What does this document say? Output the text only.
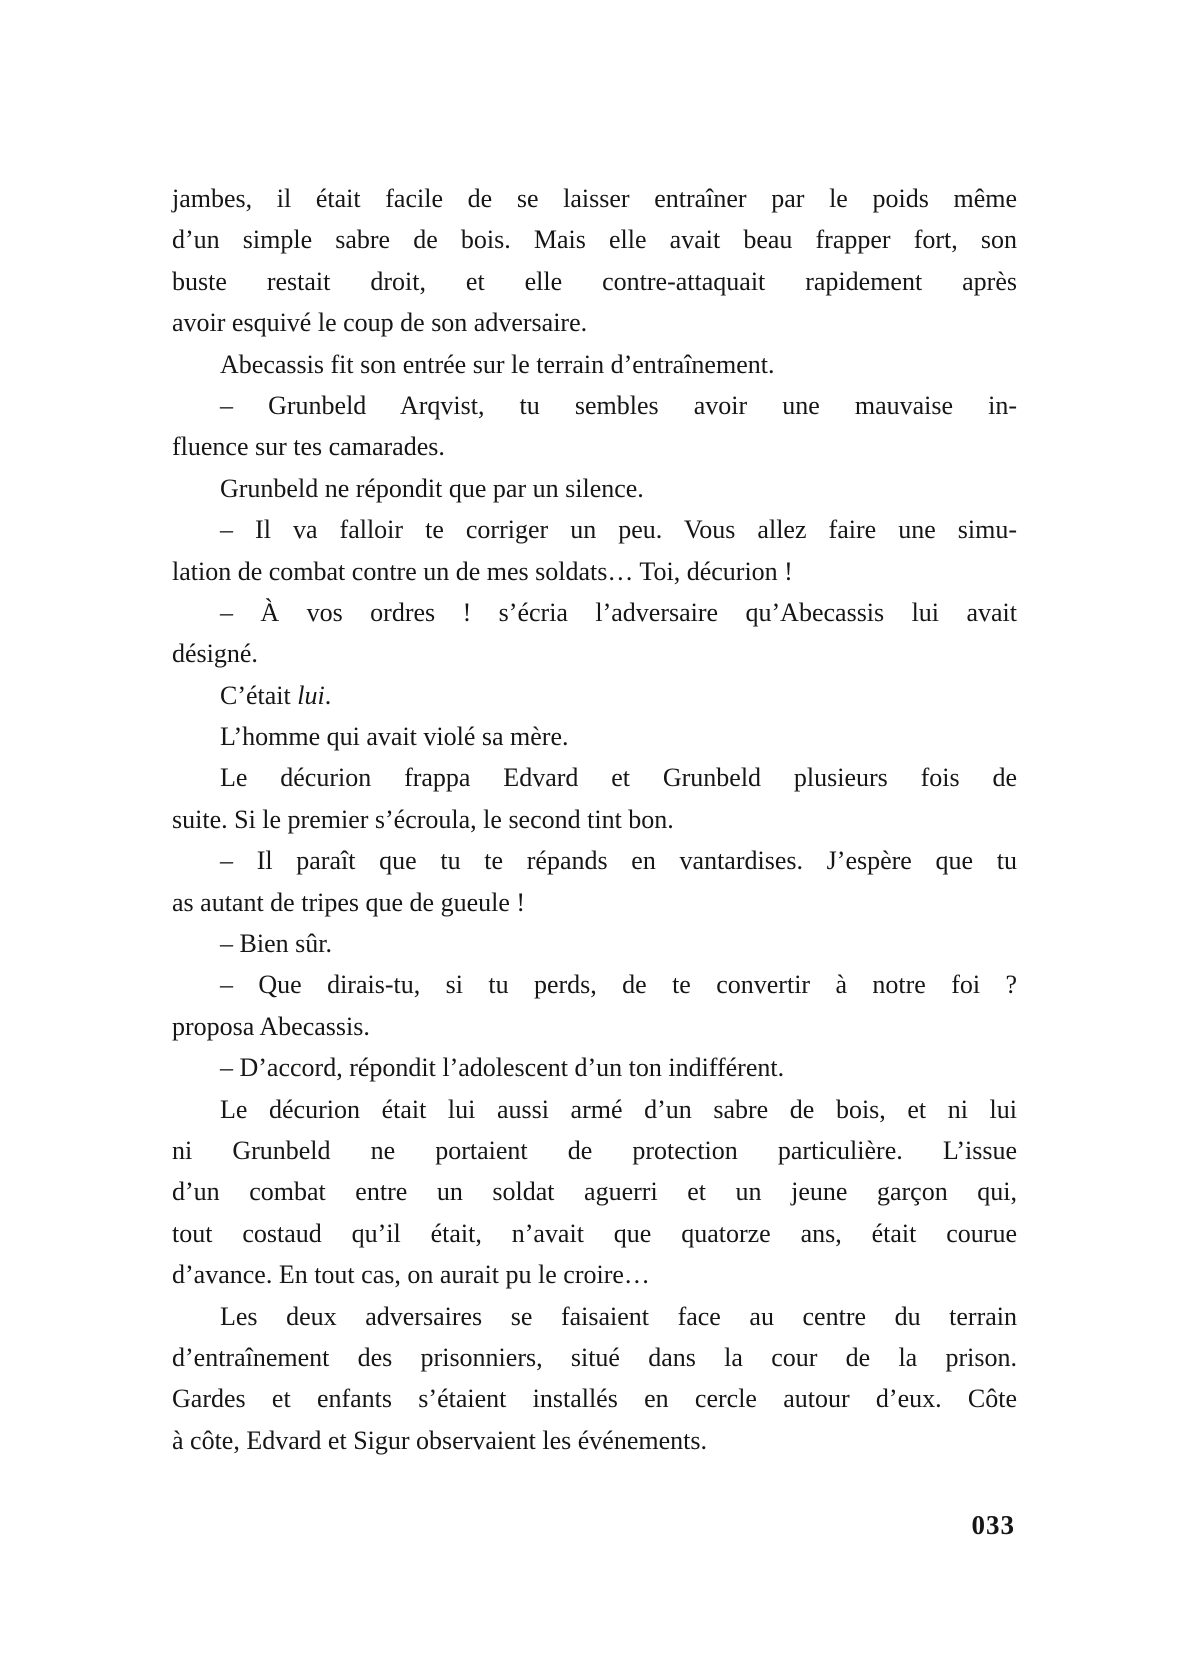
jambes, il était facile de se laisser entraîner par le poids même
d’un simple sabre de bois. Mais elle avait beau frapper fort, son
buste restait droit, et elle contre-attaquait rapidement après
avoir esquivé le coup de son adversaire.
Abecassis fit son entrée sur le terrain d’entraînement.
– Grunbeld Arqvist, tu sembles avoir une mauvaise in-
fluence sur tes camarades.
Grunbeld ne répondit que par un silence.
– Il va falloir te corriger un peu. Vous allez faire une simu-
lation de combat contre un de mes soldats… Toi, décurion !
– À vos ordres ! s’écria l’adversaire qu’Abecassis lui avait
désigné.
C’était lui.
L’homme qui avait violé sa mère.
Le décurion frappa Edvard et Grunbeld plusieurs fois de
suite. Si le premier s’écroula, le second tint bon.
– Il paraît que tu te répands en vantardises. J’espère que tu
as autant de tripes que de gueule !
– Bien sûr.
– Que dirais-tu, si tu perds, de te convertir à notre foi ?
proposa Abecassis.
– D’accord, répondit l’adolescent d’un ton indifférent.
Le décurion était lui aussi armé d’un sabre de bois, et ni lui
ni Grunbeld ne portaient de protection particulière. L’issue
d’un combat entre un soldat aguerri et un jeune garçon qui,
tout costaud qu’il était, n’avait que quatorze ans, était courue
d’avance. En tout cas, on aurait pu le croire…
Les deux adversaires se faisaient face au centre du terrain
d’entraînement des prisonniers, situé dans la cour de la prison.
Gardes et enfants s’étaient installés en cercle autour d’eux. Côte
à côte, Edvard et Sigur observaient les événements.
033
